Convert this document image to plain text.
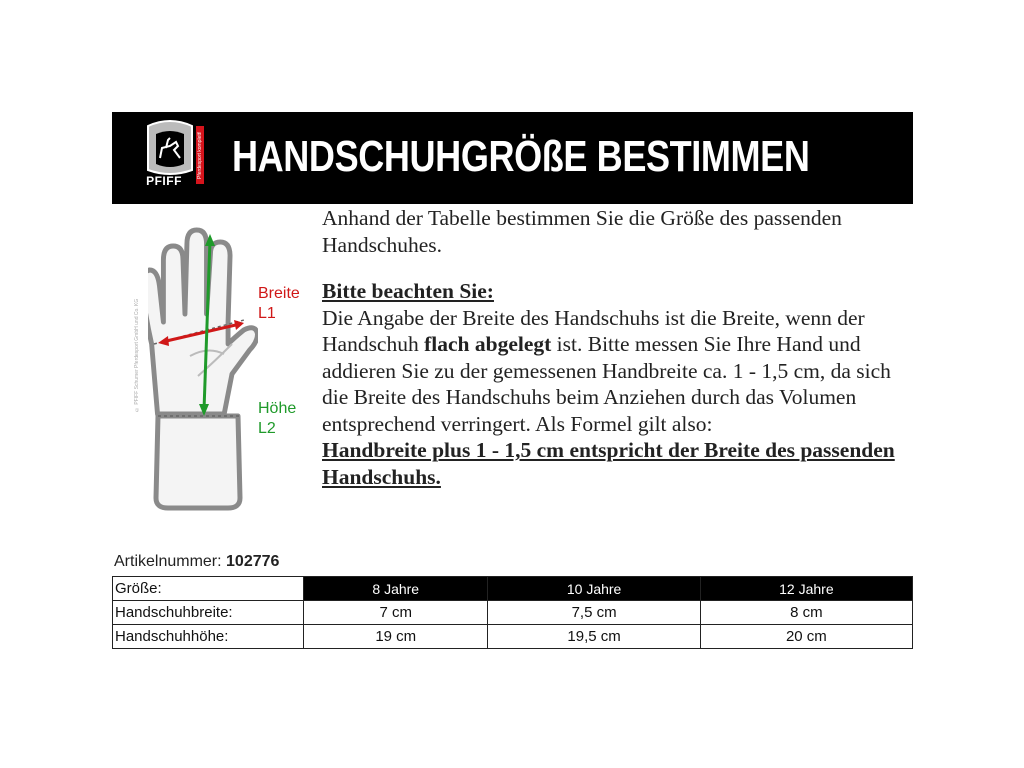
PFIFF
Pferdesport komplett! HANDSCHUHGRÖßE BESTIMMEN
© PFIFF Schumer Pferdesport GmbH und Co. KG
Breite
L1
Höhe
L2

Anhand der Tabelle bestimmen Sie die Größe des passenden Handschuhes.

Bitte beachten Sie:

Die Angabe der Breite des Handschuhs ist die Breite, wenn der Handschuh flach abgelegt ist. Bitte messen Sie Ihre Hand und addieren Sie zu der gemessenen Handbreite ca. 1 - 1,5 cm, da sich die Breite des Handschuhs beim Anziehen durch das Volumen entsprechend verringert. Als Formel gilt also:

Handbreite plus 1 - 1,5 cm entspricht der Breite des passenden Handschuhs.

Artikelnummer: 102776
Größe:	8 Jahre	10 Jahre	12 Jahre
Handschuhbreite:	7 cm	7,5 cm	8 cm
Handschuhhöhe:	19 cm	19,5 cm	20 cm
